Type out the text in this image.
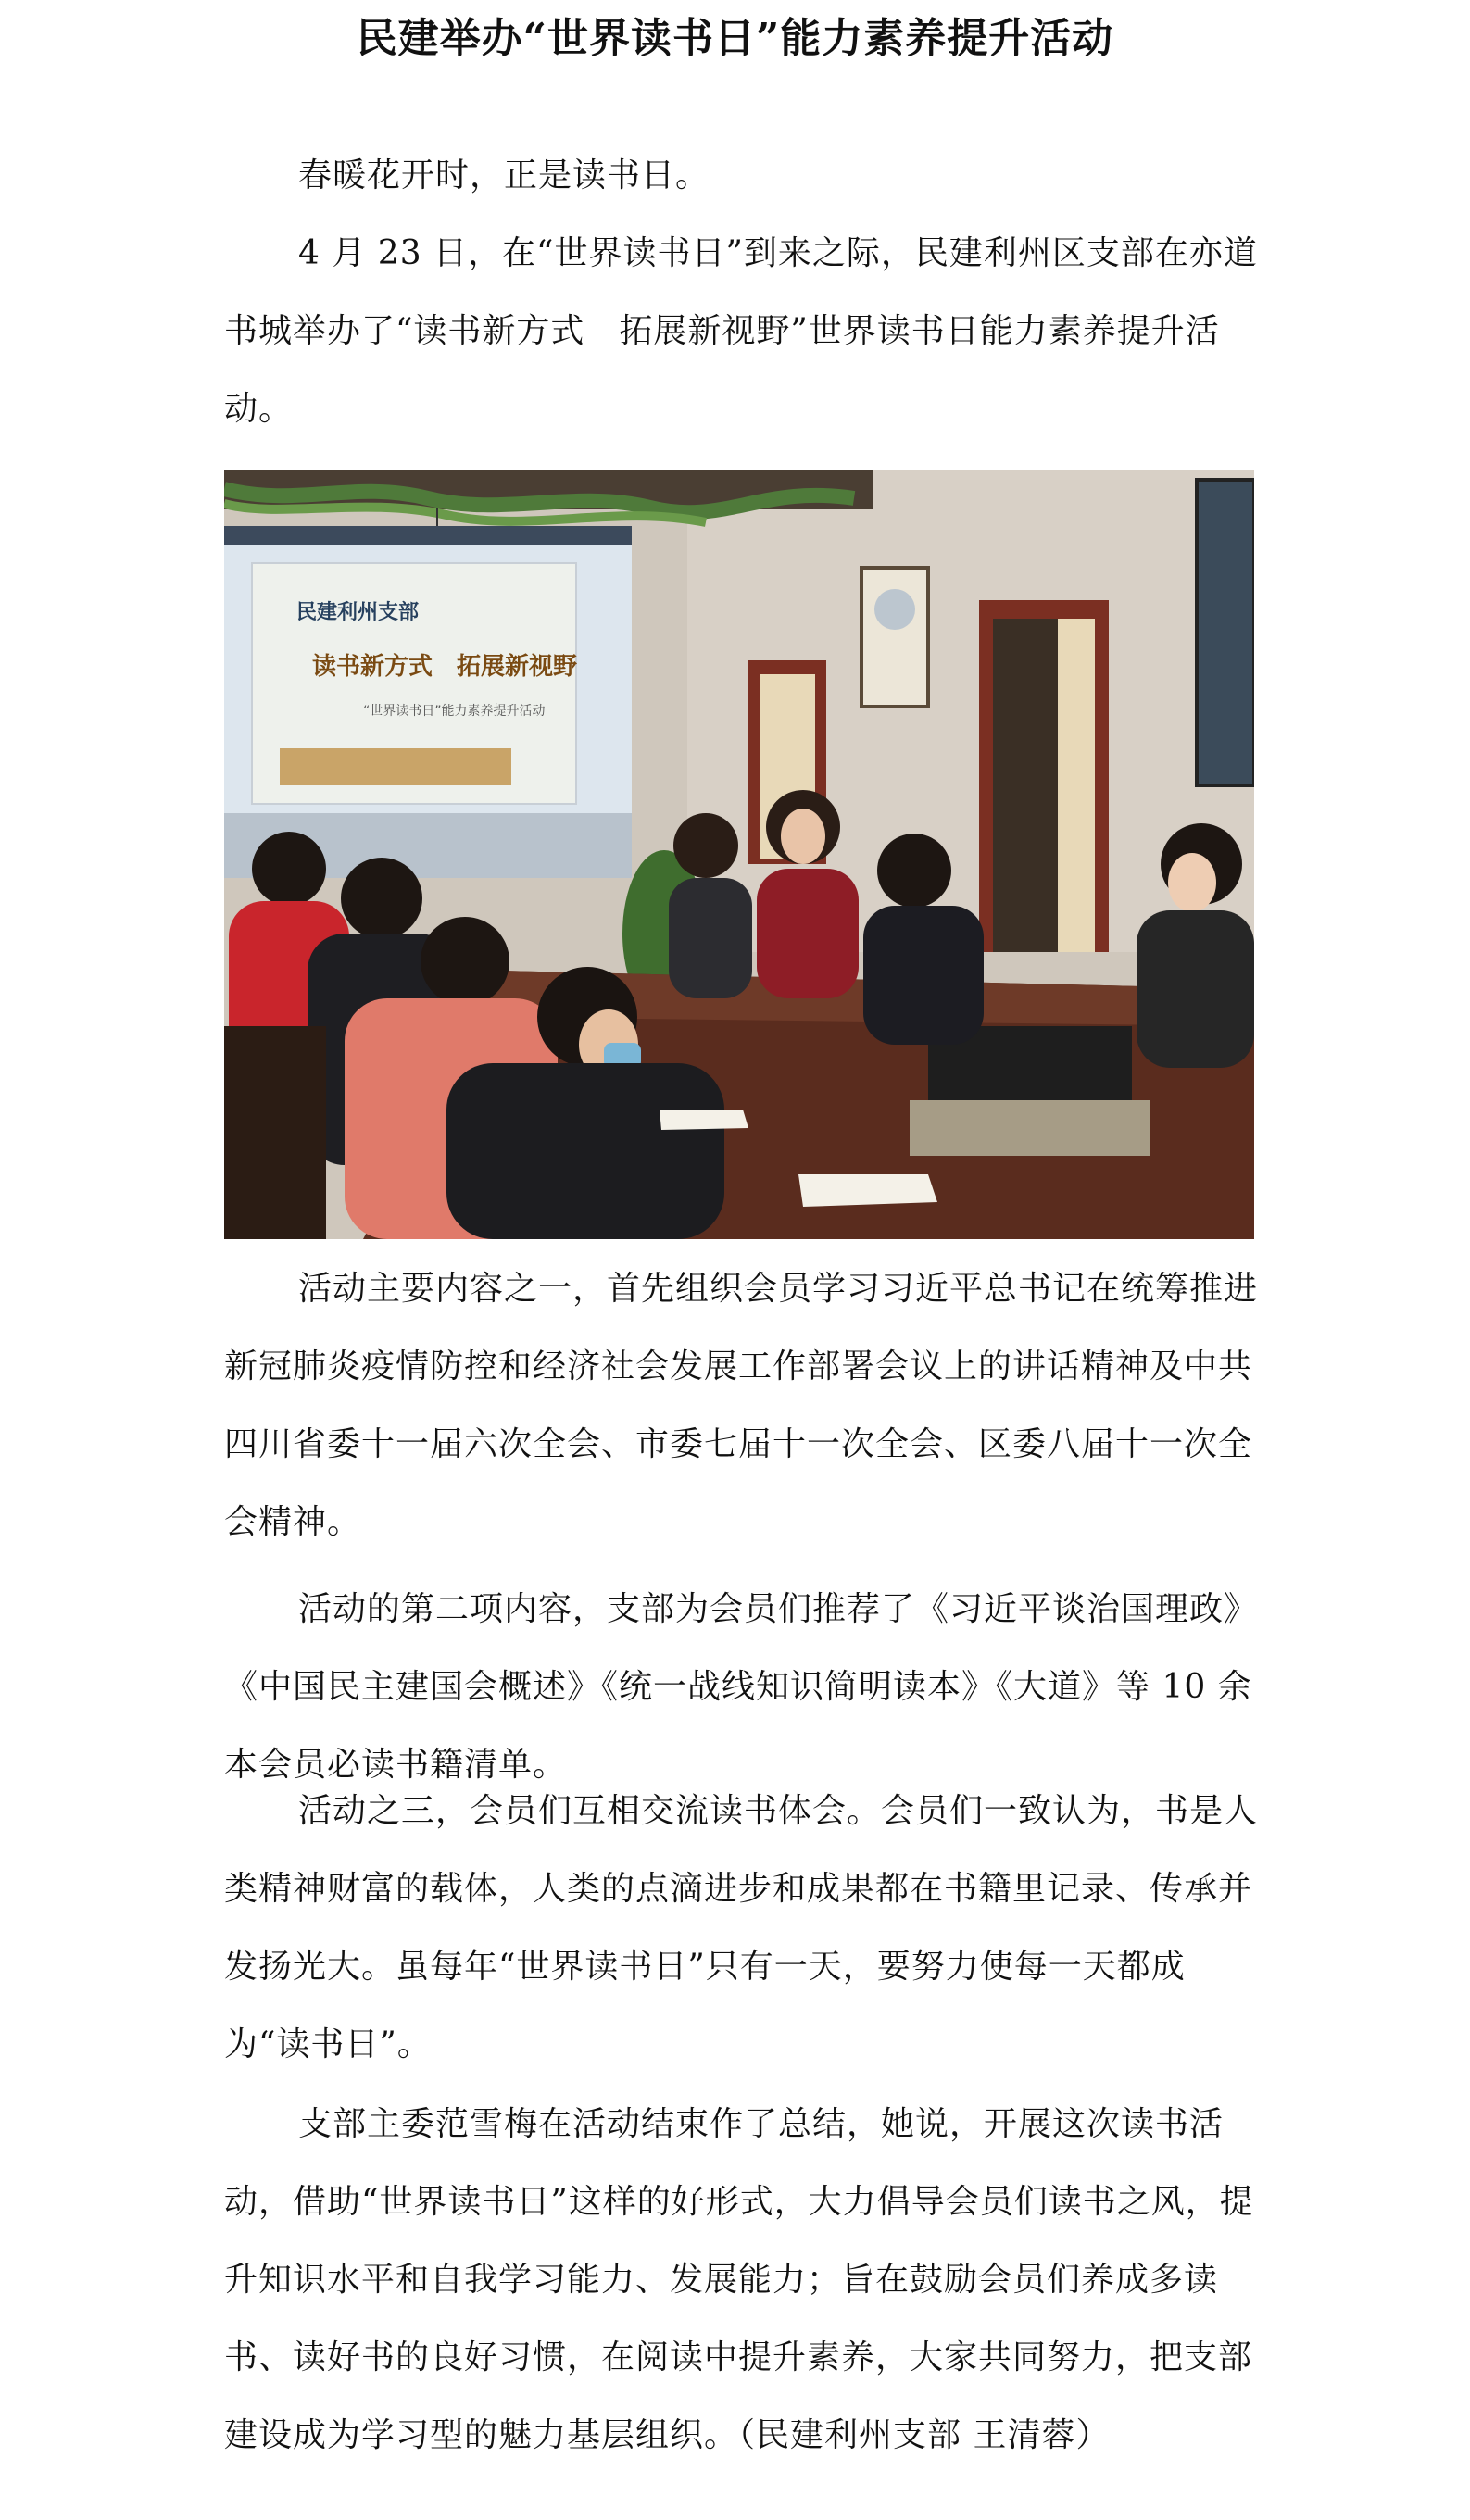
民建举办“世界读书日”能力素养提升活动

春暖花开时，正是读书日。

4 月 23 日，在“世界读书日”到来之际，民建利州区支部在亦道书城举办了“读书新方式　拓展新视野”世界读书日能力素养提升活动。

民建利州支部
读书新方式　拓展新视野
“世界读书日”能力素养提升活动

活动主要内容之一，首先组织会员学习习近平总书记在统筹推进新冠肺炎疫情防控和经济社会发展工作部署会议上的讲话精神及中共四川省委十一届六次全会、市委七届十一次全会、区委八届十一次全会精神。

活动的第二项内容，支部为会员们推荐了《习近平谈治国理政》《中国民主建国会概述》《统一战线知识简明读本》《大道》等 10 余本会员必读书籍清单。

活动之三，会员们互相交流读书体会。会员们一致认为，书是人类精神财富的载体，人类的点滴进步和成果都在书籍里记录、传承并发扬光大。虽每年“世界读书日”只有一天，要努力使每一天都成为“读书日”。

支部主委范雪梅在活动结束作了总结，她说，开展这次读书活动，借助“世界读书日”这样的好形式，大力倡导会员们读书之风，提升知识水平和自我学习能力、发展能力；旨在鼓励会员们养成多读书、读好书的良好习惯，在阅读中提升素养，大家共同努力，把支部建设成为学习型的魅力基层组织。（民建利州支部 王清蓉）
